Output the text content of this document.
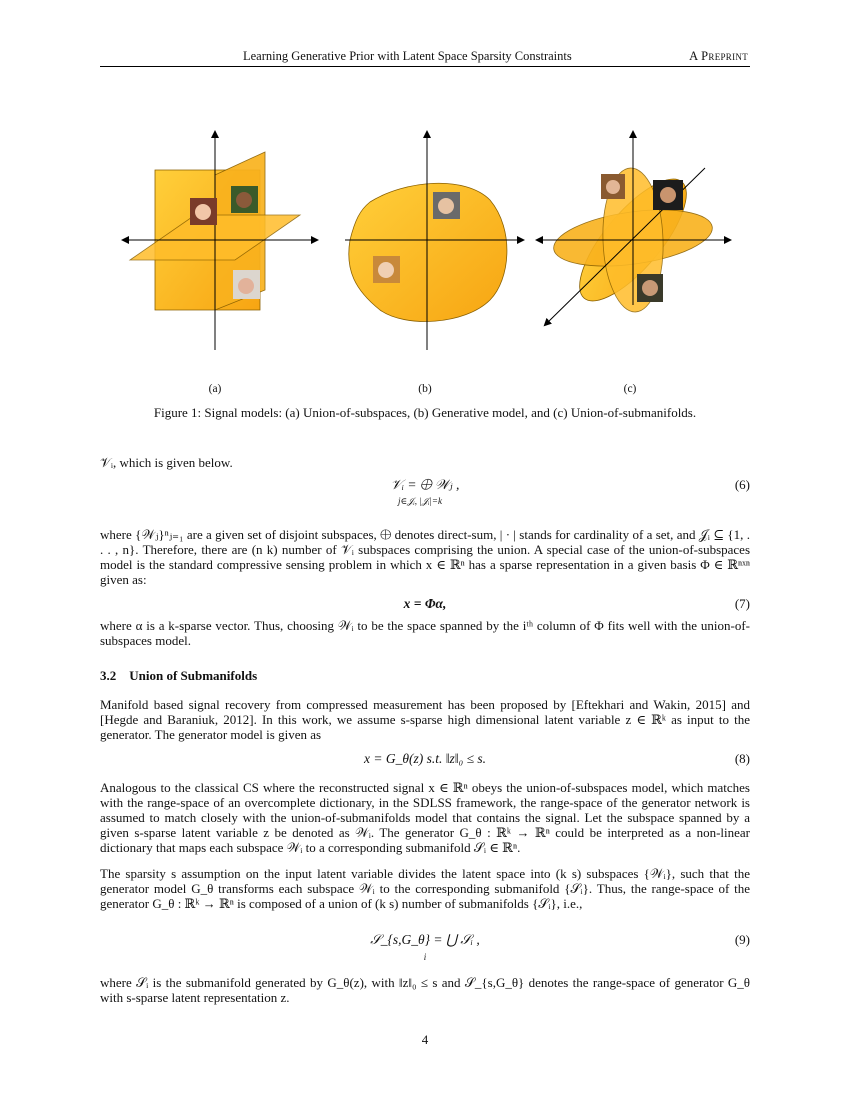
Learning Generative Prior with Latent Space Sparsity Constraints	A Preprint
(a)	(b)	(c)
Figure 1: Signal models: (a) Union-of-subspaces, (b) Generative model, and (c) Union-of-submanifolds.
𝒱ᵢ, which is given below.
𝒱ᵢ = ⨁ 𝒲ⱼ ,	(6)
j∈𝒥ᵢ, |𝒥ᵢ|=k
where {𝒲ⱼ}ⁿⱼ₌₁ are a given set of disjoint subspaces, ⨁ denotes direct-sum, | · | stands for cardinality of a set, and 𝒥ᵢ ⊆ {1, . . . , n}. Therefore, there are (n k) number of 𝒱ᵢ subspaces comprising the union. A special case of the union-of-subspaces model is the standard compressive sensing problem in which x ∈ ℝⁿ has a sparse representation in a given basis Φ ∈ ℝⁿˣⁿ given as:
x = Φα,	(7)
where α is a k-sparse vector. Thus, choosing 𝒲ᵢ to be the space spanned by the iᵗʰ column of Φ fits well with the union-of-subspaces model.
3.2 Union of Submanifolds
Manifold based signal recovery from compressed measurement has been proposed by [Eftekhari and Wakin, 2015] and [Hegde and Baraniuk, 2012]. In this work, we assume s-sparse high dimensional latent variable z ∈ ℝᵏ as input to the generator. The generator model is given as
x = G_θ(z) s.t. ‖z‖₀ ≤ s.	(8)
Analogous to the classical CS where the reconstructed signal x ∈ ℝⁿ obeys the union-of-subspaces model, which matches with the range-space of an overcomplete dictionary, in the SDLSS framework, the range-space of the generator network is assumed to match closely with the union-of-submanifolds model that contains the signal. Let the subspace spanned by a given s-sparse latent variable z be denoted as 𝒲ᵢ. The generator G_θ : ℝᵏ → ℝⁿ could be interpreted as a non-linear dictionary that maps each subspace 𝒲ᵢ to a corresponding submanifold 𝒮ᵢ ∈ ℝⁿ.
The sparsity s assumption on the input latent variable divides the latent space into (k s) subspaces {𝒲ᵢ}, such that the generator model G_θ transforms each subspace 𝒲ᵢ to the corresponding submanifold {𝒮ᵢ}. Thus, the range-space of the generator G_θ : ℝᵏ → ℝⁿ is composed of a union of (k s) number of submanifolds {𝒮ᵢ}, i.e.,
𝒮_{s,G_θ} = ⋃ 𝒮ᵢ ,	(9)
i
where 𝒮ᵢ is the submanifold generated by G_θ(z), with ‖z‖₀ ≤ s and 𝒮_{s,G_θ} denotes the range-space of generator G_θ with s-sparse latent representation z.
4
